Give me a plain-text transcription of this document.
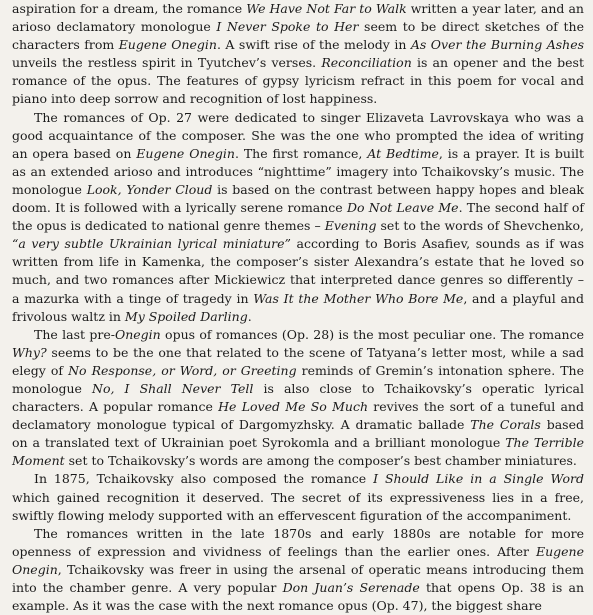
aspiration for a dream, the romance We Have Not Far to Walk written a year later, and an arioso declamatory monologue I Never Spoke to Her seem to be direct sketches of the characters from Eugene Onegin. A swift rise of the melody in As Over the Burning Ashes unveils the restless spirit in Tyutchev’s verses. Reconciliation is an opener and the best romance of the opus. The features of gypsy lyricism refract in this poem for vocal and piano into deep sorrow and recognition of lost happiness.

The romances of Op. 27 were dedicated to singer Elizaveta Lavrovskaya who was a good acquaintance of the composer. She was the one who prompted the idea of writing an opera based on Eugene Onegin. The first romance, At Bedtime, is a prayer. It is built as an extended arioso and introduces “nighttime” imagery into Tchaikovsky’s music. The monologue Look, Yonder Cloud is based on the contrast between happy hopes and bleak doom. It is followed with a lyrically serene romance Do Not Leave Me. The second half of the opus is dedicated to national genre themes – Evening set to the words of Shevchenko, “a very subtle Ukrainian lyrical miniature” according to Boris Asafiev, sounds as if was written from life in Kamenka, the composer’s sister Alexandra’s estate that he loved so much, and two romances after Mickiewicz that interpreted dance genres so differently – a mazurka with a tinge of tragedy in Was It the Mother Who Bore Me, and a playful and frivolous waltz in My Spoiled Darling.

The last pre-Onegin opus of romances (Op. 28) is the most peculiar one. The romance Why? seems to be the one that related to the scene of Tatyana’s letter most, while a sad elegy of No Response, or Word, or Greeting reminds of Gremin’s intonation sphere. The monologue No, I Shall Never Tell is also close to Tchaikovsky’s operatic lyrical characters. A popular romance He Loved Me So Much revives the sort of a tuneful and declamatory monologue typical of Dargomyzhsky. A dramatic ballade The Corals based on a translated text of Ukrainian poet Syrokomla and a brilliant monologue The Terrible Moment set to Tchaikovsky’s words are among the composer’s best chamber miniatures.

In 1875, Tchaikovsky also composed the romance I Should Like in a Single Word which gained recognition it deserved. The secret of its expressiveness lies in a free, swiftly flowing melody supported with an effervescent figuration of the accompaniment.

The romances written in the late 1870s and early 1880s are notable for more openness of expression and vividness of feelings than the earlier ones. After Eugene Onegin, Tchaikovsky was freer in using the arsenal of operatic means introducing them into the chamber genre. A very popular Don Juan’s Serenade that opens Op. 38 is an example. As it was the case with the next romance opus (Op. 47), the biggest share
